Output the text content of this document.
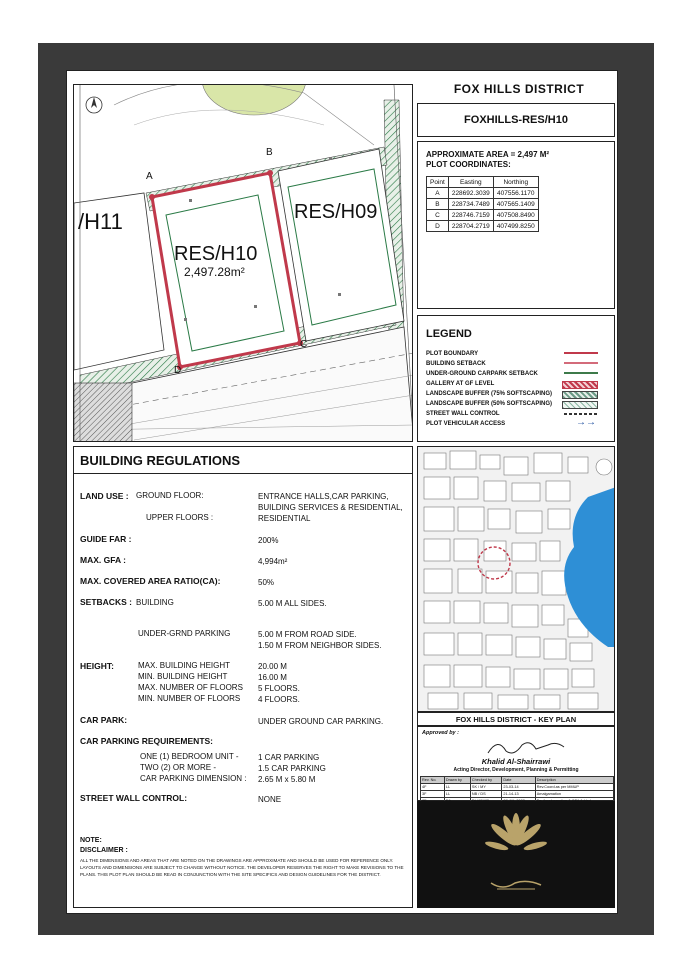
/H11	RES/H09
RES/H10
2,497.28m²
A
B
C
D
FOX HILLS DISTRICT
FOXHILLS-RES/H10
APPROXIMATE AREA = 2,497 M²
PLOT COORDINATES:
Point	Easting	Northing
A	228692.3039	407556.1170
B	228734.7489	407565.1409
C	228746.7159	407508.8490
D	228704.2719	407499.8250
LEGEND
PLOT BOUNDARY
BUILDING SETBACK
UNDER-GROUND CARPARK SETBACK
GALLERY AT GF LEVEL
LANDSCAPE BUFFER (75% SOFTSCAPING)
LANDSCAPE BUFFER (50% SOFTSCAPING)
STREET WALL CONTROL
PLOT VEHICULAR ACCESS	→→
BUILDING REGULATIONS
LAND USE : GROUND FLOOR:	ENTRANCE HALLS,CAR PARKING,
BUILDING SERVICES & RESIDENTIAL,
UPPER FLOORS :	RESIDENTIAL
GUIDE FAR :	200%
MAX. GFA :	4,994m²
MAX. COVERED AREA RATIO(CA):	50%
SETBACKS : BUILDING	5.00 M ALL SIDES.
UNDER-GRND PARKING	5.00 M FROM ROAD SIDE.
1.50 M FROM NEIGHBOR SIDES.
HEIGHT:	MAX. BUILDING HEIGHT	20.00 M
MIN. BUILDING HEIGHT	16.00 M
MAX. NUMBER OF FLOORS 5 FLOORS.
MIN. NUMBER OF FLOORS 4 FLOORS.
CAR PARK:	UNDER GROUND CAR PARKING.
CAR PARKING REQUIREMENTS:
ONE (1) BEDROOM UNIT - 1 CAR PARKING
TWO (2) OR MORE -	1.5 CAR PARKING
CAR PARKING DIMENSION : 2.65 M x 5.80 M
STREET WALL CONTROL:	NONE
NOTE:
DISCLAIMER :
ALL THE DIMENSIONS AND AREAS THAT ARE NOTED ON THE DRAWINGS ARE APPROXIMATE AND SHOULD BE USED FOR REFERENCE ONLY. LAYOUTS AND DIMENSIONS ARE SUBJECT TO CHANGE WITHOUT NOTICE. THE DEVELOPER RESERVES THE RIGHT TO MAKE REVISIONS TO THE PLANS. THIS PLOT PLAN SHOULD BE READ IN CONJUNCTION WITH THE SITE SPECIFICS AND DESIGN GUIDELINES FOR THE DISTRICT.
FOX HILLS DISTRICT - KEY PLAN
Approved by :
Khalid Al-Shairrawi
Acting Director, Development, Planning & Permitting
Rev. No.	Drawn by	Checked by	Date	Description
4F	LL	SK / MY	23-03-14	Rev.Coord.as per MMUP
3F	LL	NB / DS	21-14-13	Amalgamation
